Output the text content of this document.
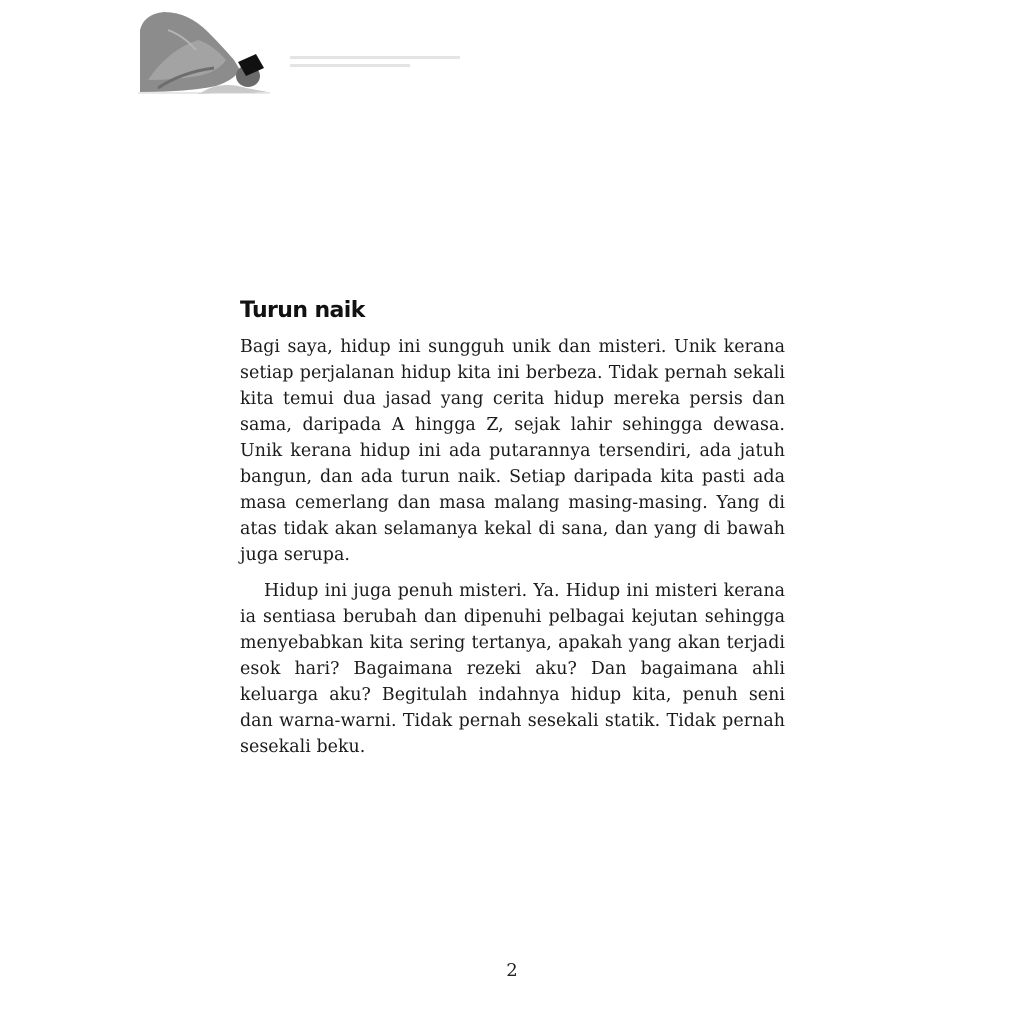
Turun naik

Bagi saya, hidup ini sungguh unik dan misteri. Unik kerana setiap perjalanan hidup kita ini berbeza. Tidak pernah sekali kita temui dua jasad yang cerita hidup mereka persis dan sama, daripada A hingga Z, sejak lahir sehingga dewasa. Unik kerana hidup ini ada putarannya tersendiri, ada jatuh bangun, dan ada turun naik. Setiap daripada kita pasti ada masa cemerlang dan masa malang masing-masing. Yang di atas tidak akan selamanya kekal di sana, dan yang di bawah juga serupa.

Hidup ini juga penuh misteri. Ya. Hidup ini misteri kerana ia sentiasa berubah dan dipenuhi pelbagai kejutan sehingga menyebabkan kita sering tertanya, apakah yang akan terjadi esok hari? Bagaimana rezeki aku? Dan bagaimana ahli keluarga aku? Begitulah indahnya hidup kita, penuh seni dan warna-warni. Tidak pernah sesekali statik. Tidak pernah sesekali beku.

2
